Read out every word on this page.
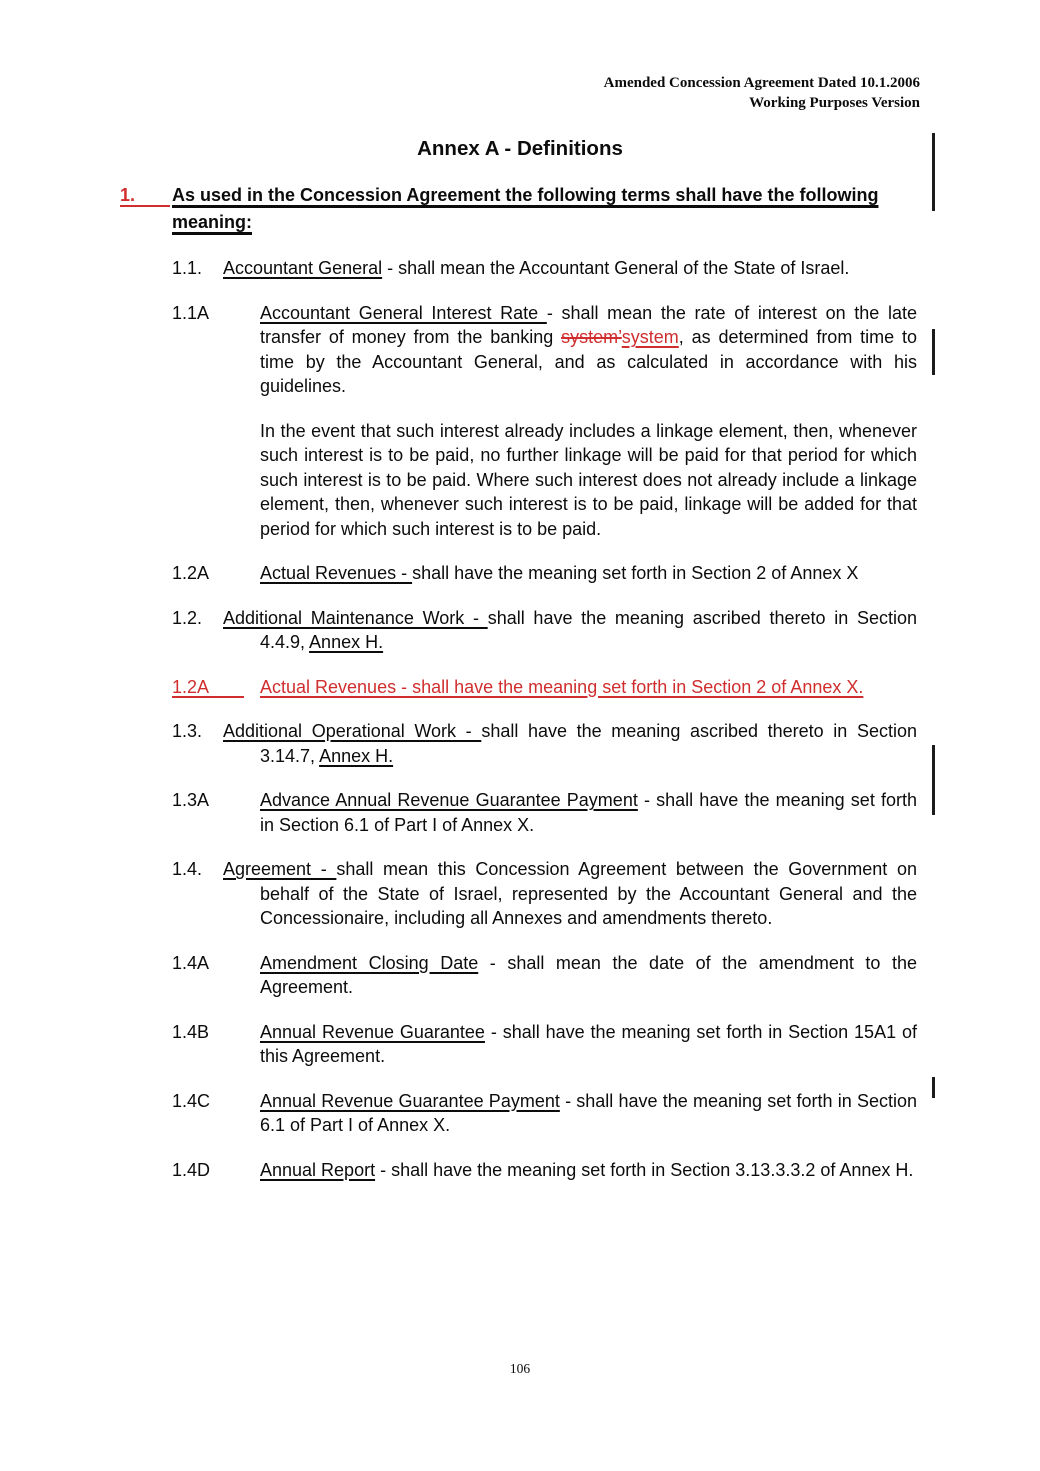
Amended Concession Agreement Dated 10.1.2006
Working Purposes Version
Annex A - Definitions
1.	As used in the Concession Agreement the following terms shall have the following meaning:
1.1. Accountant General - shall mean the Accountant General of the State of Israel.

1.1A	Accountant General Interest Rate - shall mean the rate of interest on the late transfer of money from the banking system’system, as determined from time to time by the Accountant General, and as calculated in accordance with his guidelines.

In the event that such interest already includes a linkage element, then, whenever such interest is to be paid, no further linkage will be paid for that period for which such interest is to be paid. Where such interest does not already include a linkage element, then, whenever such interest is to be paid, linkage will be added for that period for which such interest is to be paid.

1.2A	Actual Revenues - shall have the meaning set forth in Section 2 of Annex X

1.2. Additional Maintenance Work - shall have the meaning ascribed thereto in Section 4.4.9, Annex H.

1.2A	Actual Revenues - shall have the meaning set forth in Section 2 of Annex X.

1.3. Additional Operational Work - shall have the meaning ascribed thereto in Section 3.14.7, Annex H.

1.3A	Advance Annual Revenue Guarantee Payment - shall have the meaning set forth in Section 6.1 of Part I of Annex X.

1.4. Agreement - shall mean this Concession Agreement between the Government on behalf of the State of Israel, represented by the Accountant General and the Concessionaire, including all Annexes and amendments thereto.

1.4A	Amendment Closing Date - shall mean the date of the amendment to the Agreement.

1.4B	Annual Revenue Guarantee - shall have the meaning set forth in Section 15A1 of this Agreement.

1.4C	Annual Revenue Guarantee Payment - shall have the meaning set forth in Section 6.1 of Part I of Annex X.

1.4D	Annual Report - shall have the meaning set forth in Section 3.13.3.3.2 of Annex H.

106
